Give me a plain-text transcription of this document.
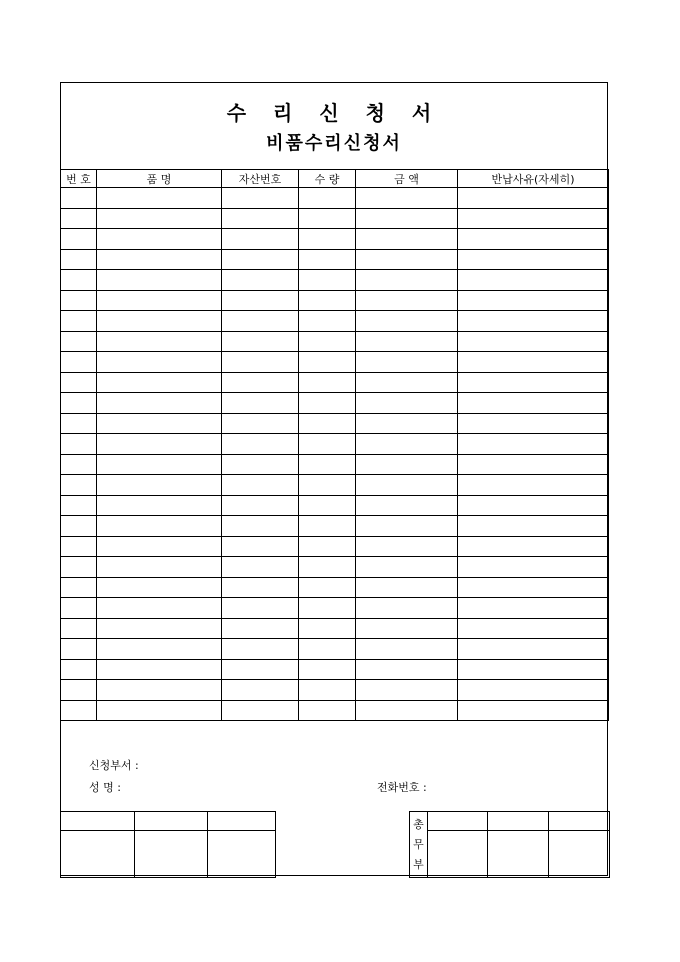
수 리 신 청 서
비품수리신청서
번 호	품 명	자산번호	수 량	금 액	반납사유(자세히)

신청부서 :
성 명 :	전화번호 :

총
무
부			
